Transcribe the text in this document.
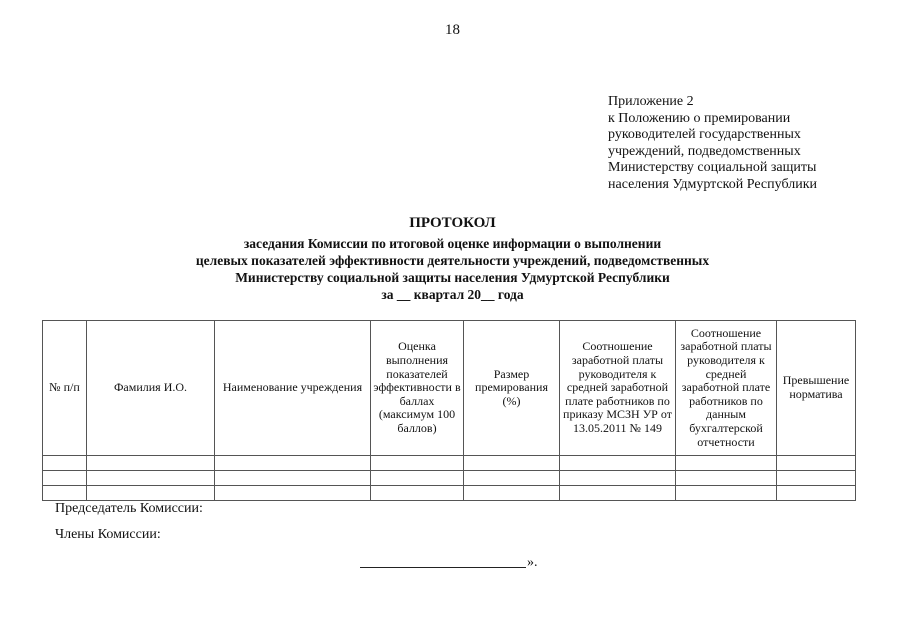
18
Приложение 2
к Положению о премировании
руководителей государственных
учреждений, подведомственных
Министерству социальной защиты
населения Удмуртской Республики
ПРОТОКОЛ
заседания Комиссии по итоговой оценке информации о выполнении
целевых показателей эффективности деятельности учреждений, подведомственных
Министерству социальной защиты населения Удмуртской Республики
за __ квартал 20__ года
№ п/п	Фамилия И.О.	Наименование учреждения	Оценка выполнения показателей эффективности в баллах (максимум 100 баллов)	Размер премирования (%)	Соотношение заработной платы руководителя к средней заработной плате работников по приказу МСЗН УР от 13.05.2011 № 149	Соотношение заработной платы руководителя к средней заработной плате работников по данным бухгалтерской отчетности	Превышение норматива

Председатель Комиссии:
Члены Комиссии:
».
